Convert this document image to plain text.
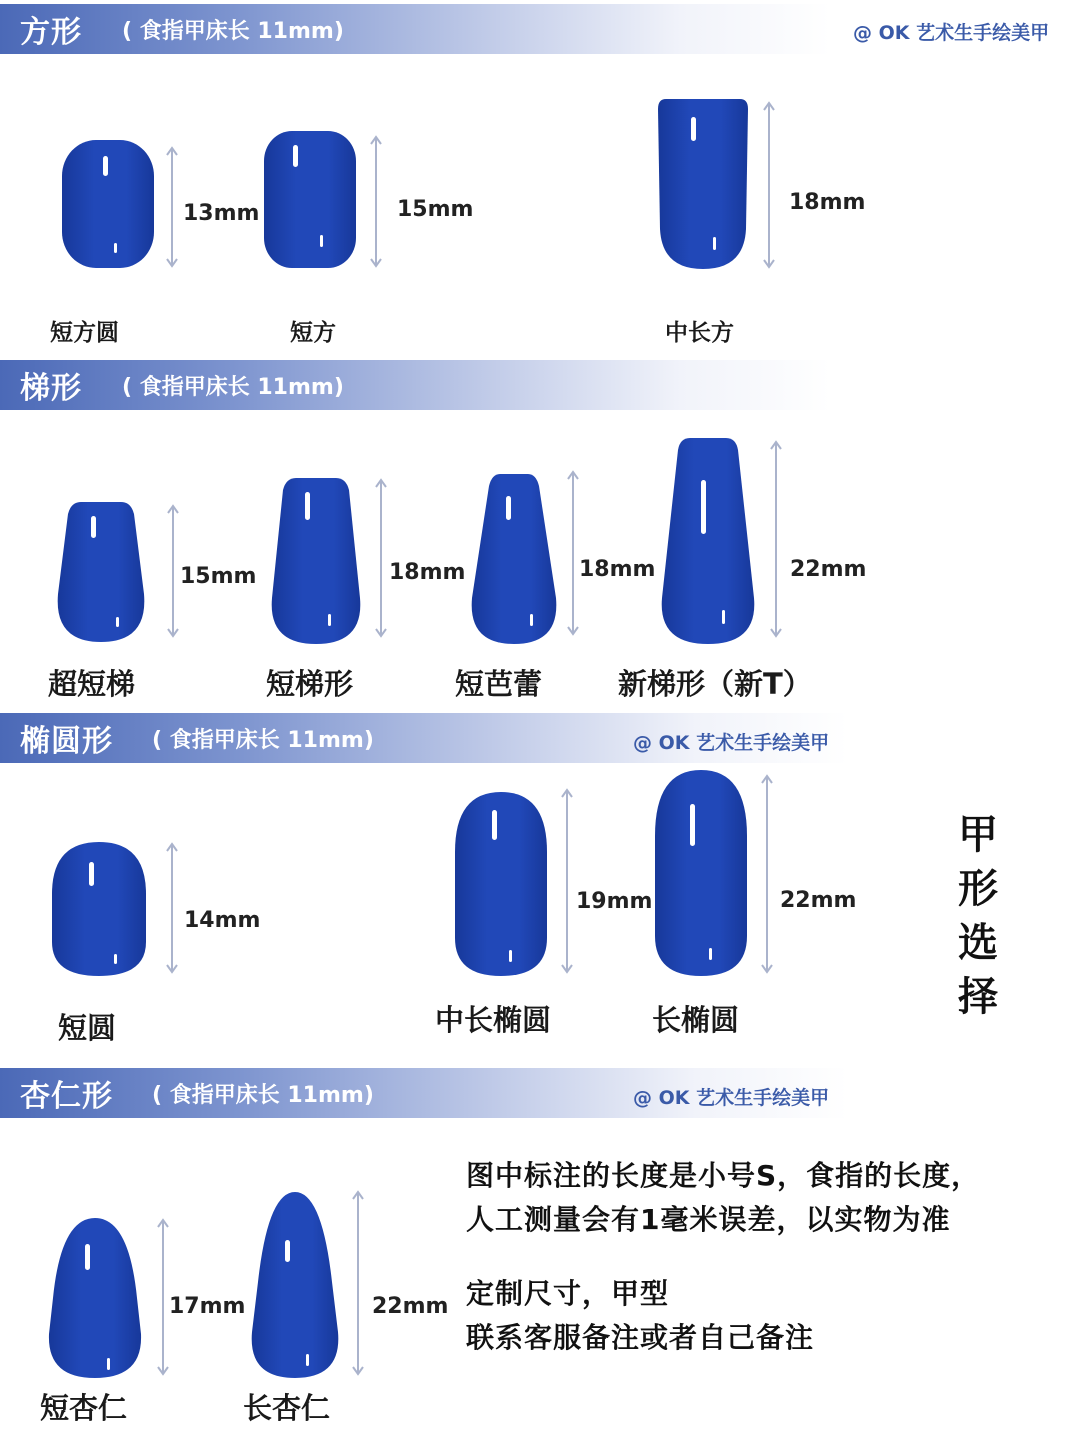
方形 ( 食指甲床长 11mm)	@ OK 艺术生手绘美甲
13mm
短方圆
15mm
短方
18mm
中长方
梯形 ( 食指甲床长 11mm)
15mm
超短梯
18mm
短梯形
18mm
短芭蕾
22mm
新梯形（新T）
椭圆形 ( 食指甲床长 11mm)	@ OK 艺术生手绘美甲
14mm
短圆
19mm
中长椭圆
22mm
长椭圆
甲
形
选
择
杏仁形 ( 食指甲床长 11mm)	@ OK 艺术生手绘美甲
17mm
短杏仁
22mm
长杏仁
图中标注的长度是小号S，食指的长度，
人工测量会有1毫米误差，以实物为准
定制尺寸，甲型
联系客服备注或者自己备注
